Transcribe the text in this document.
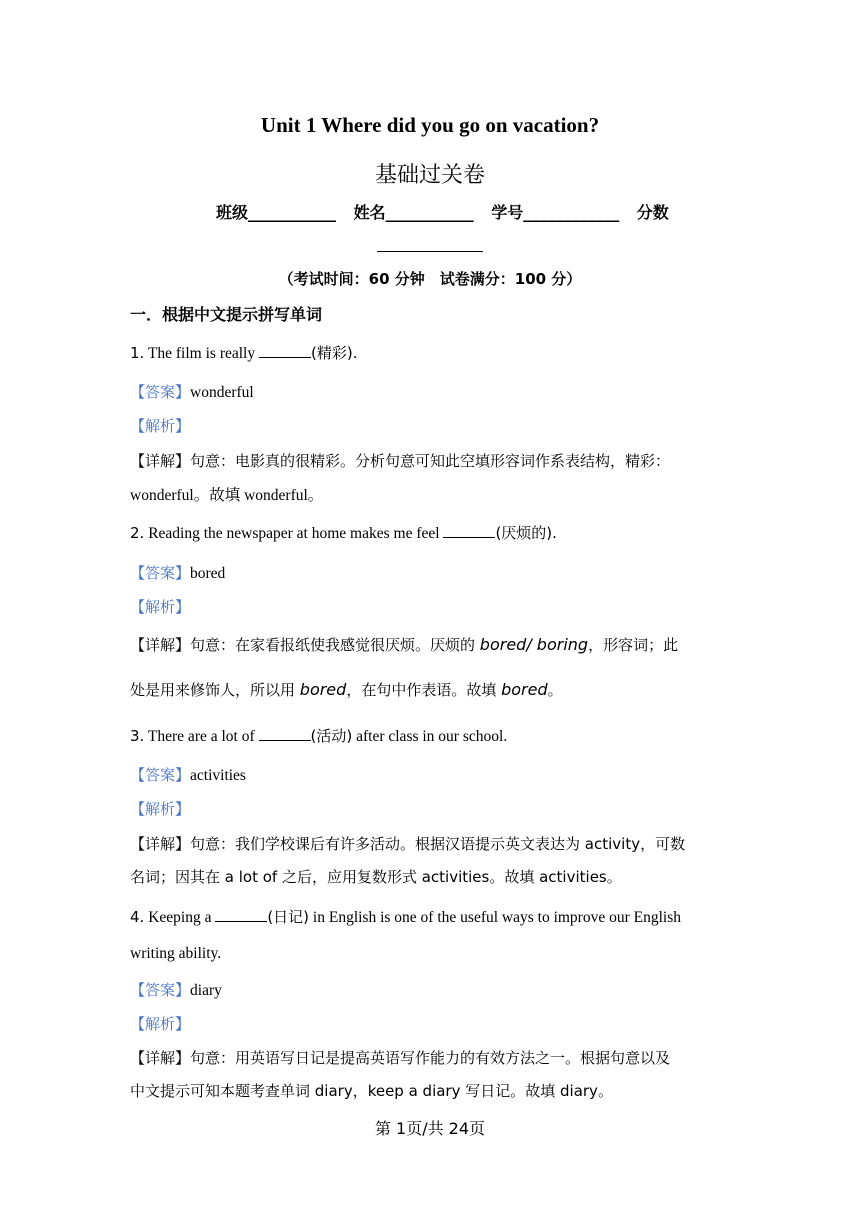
Unit 1 Where did you go on vacation?
基础过关卷
班级___________ 姓名___________ 学号____________ 分数
（考试时间：60 分钟　试卷满分：100 分）
一．根据中文提示拼写单词
1. The film is really	(精彩).
【答案】wonderful
【解析】
【详解】句意：电影真的很精彩。分析句意可知此空填形容词作系表结构，精彩：
wonderful。故填 wonderful。
2. Reading the newspaper at home makes me feel	(厌烦的).
【答案】bored
【解析】
【详解】句意：在家看报纸使我感觉很厌烦。厌烦的 bored/ boring，形容词；此
处是用来修饰人，所以用 bored，在句中作表语。故填 bored。
3. There are a lot of	(活动) after class in our school.
【答案】activities
【解析】
【详解】句意：我们学校课后有许多活动。根据汉语提示英文表达为 activity，可数
名词；因其在 a lot of 之后，应用复数形式 activities。故填 activities。
4. Keeping a	(日记) in English is one of the useful ways to improve our English
writing ability.
【答案】diary
【解析】
【详解】句意：用英语写日记是提高英语写作能力的有效方法之一。根据句意以及
中文提示可知本题考查单词 diary，keep a diary 写日记。故填 diary。
第 1页/共 24页
